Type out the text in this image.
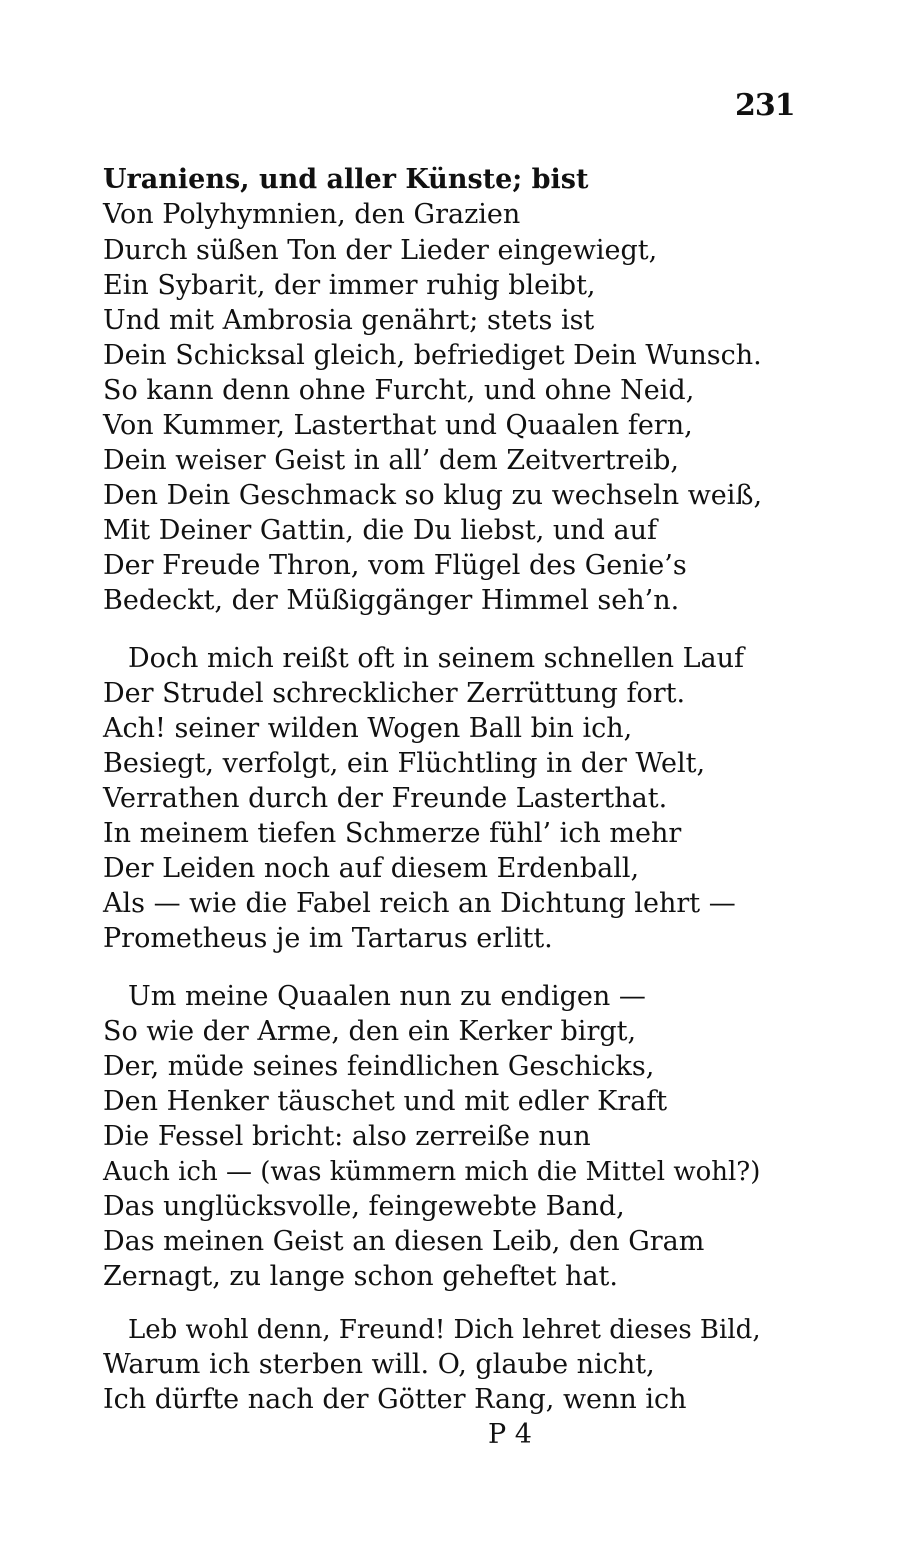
231
Uraniens, und aller Künste; bist
Von Polyhymnien, den Grazien
Durch süßen Ton der Lieder eingewiegt,
Ein Sybarit, der immer ruhig bleibt,
Und mit Ambrosia genährt; stets ist
Dein Schicksal gleich, befriediget Dein Wunsch.
So kann denn ohne Furcht, und ohne Neid,
Von Kummer, Lasterthat und Quaalen fern,
Dein weiser Geist in all’ dem Zeitvertreib,
Den Dein Geschmack so klug zu wechseln weiß,
Mit Deiner Gattin, die Du liebst, und auf
Der Freude Thron, vom Flügel des Genie’s
Bedeckt, der Müßiggänger Himmel seh’n.
Doch mich reißt oft in seinem schnellen Lauf
Der Strudel schrecklicher Zerrüttung fort.
Ach! seiner wilden Wogen Ball bin ich,
Besiegt, verfolgt, ein Flüchtling in der Welt,
Verrathen durch der Freunde Lasterthat.
In meinem tiefen Schmerze fühl’ ich mehr
Der Leiden noch auf diesem Erdenball,
Als — wie die Fabel reich an Dichtung lehrt —
Prometheus je im Tartarus erlitt.
Um meine Quaalen nun zu endigen —
So wie der Arme, den ein Kerker birgt,
Der, müde seines feindlichen Geschicks,
Den Henker täuschet und mit edler Kraft
Die Fessel bricht: also zerreiße nun
Auch ich — (was kümmern mich die Mittel wohl?)
Das unglücksvolle, feingewebte Band,
Das meinen Geist an diesen Leib, den Gram
Zernagt, zu lange schon geheftet hat.
Leb wohl denn, Freund! Dich lehret dieses Bild,
Warum ich sterben will. O, glaube nicht,
Ich dürfte nach der Götter Rang, wenn ich
P 4
